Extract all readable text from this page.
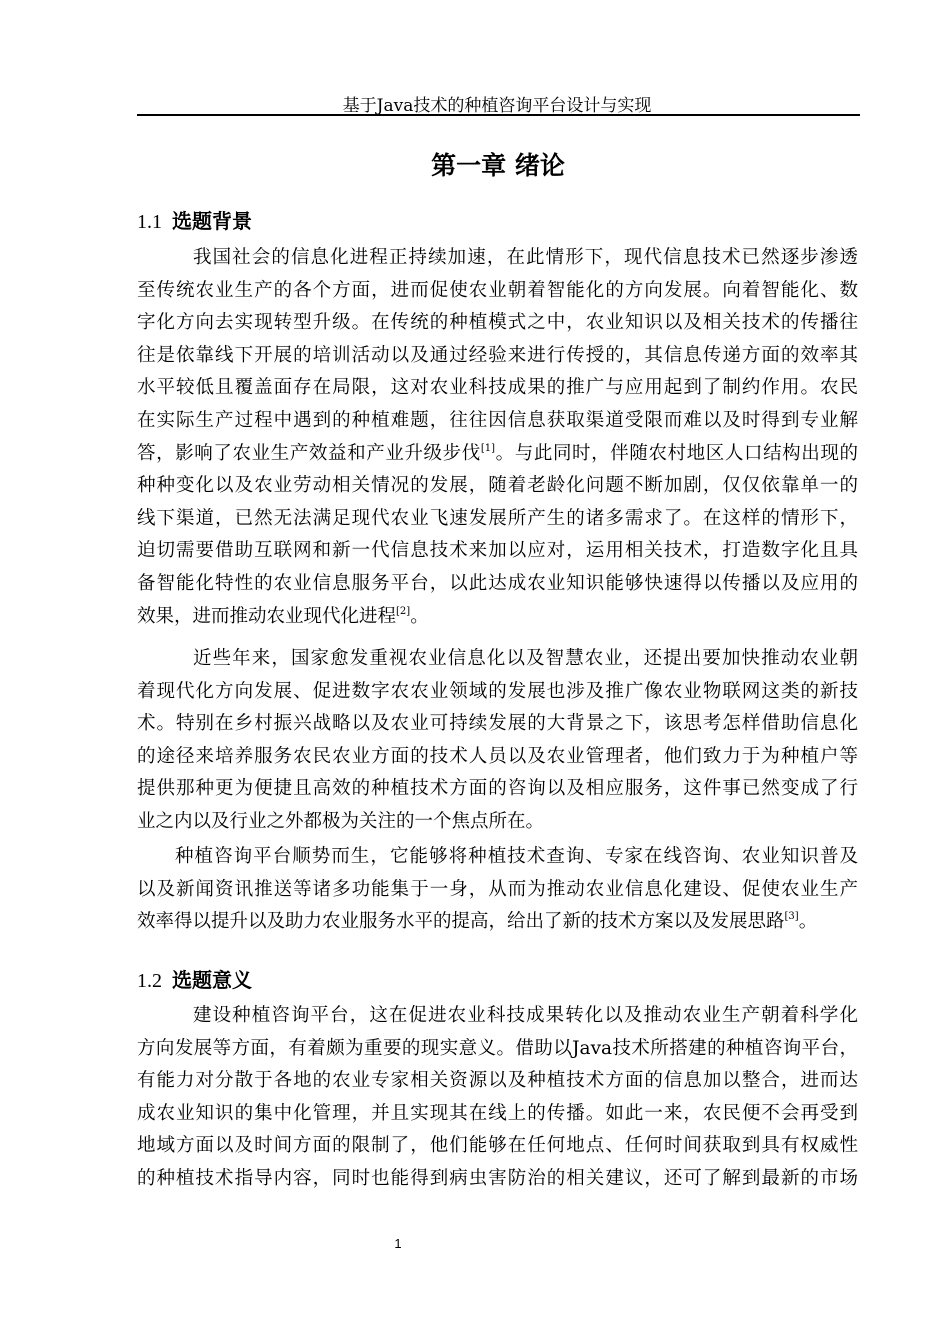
基于Java技术的种植咨询平台设计与实现
第一章 绪论
1.1 选题背景
我国社会的信息化进程正持续加速，在此情形下，现代信息技术已然逐步渗透
至传统农业生产的各个方面，进而促使农业朝着智能化的方向发展。向着智能化、数
字化方向去实现转型升级。在传统的种植模式之中，农业知识以及相关技术的传播往
往是依靠线下开展的培训活动以及通过经验来进行传授的，其信息传递方面的效率其
水平较低且覆盖面存在局限，这对农业科技成果的推广与应用起到了制约作用。农民
在实际生产过程中遇到的种植难题，往往因信息获取渠道受限而难以及时得到专业解
答，影响了农业生产效益和产业升级步伐[1]。与此同时，伴随农村地区人口结构出现的
种种变化以及农业劳动相关情况的发展，随着老龄化问题不断加剧，仅仅依靠单一的
线下渠道，已然无法满足现代农业飞速发展所产生的诸多需求了。在这样的情形下，
迫切需要借助互联网和新一代信息技术来加以应对，运用相关技术，打造数字化且具
备智能化特性的农业信息服务平台，以此达成农业知识能够快速得以传播以及应用的
效果，进而推动农业现代化进程[2]。
近些年来，国家愈发重视农业信息化以及智慧农业，还提出要加快推动农业朝
着现代化方向发展、促进数字农农业领域的发展也涉及推广像农业物联网这类的新技
术。特别在乡村振兴战略以及农业可持续发展的大背景之下，该思考怎样借助信息化
的途径来培养服务农民农业方面的技术人员以及农业管理者，他们致力于为种植户等
提供那种更为便捷且高效的种植技术方面的咨询以及相应服务，这件事已然变成了行
业之内以及行业之外都极为关注的一个焦点所在。
种植咨询平台顺势而生，它能够将种植技术查询、专家在线咨询、农业知识普及
以及新闻资讯推送等诸多功能集于一身，从而为推动农业信息化建设、促使农业生产
效率得以提升以及助力农业服务水平的提高，给出了新的技术方案以及发展思路[3]。
1.2 选题意义
建设种植咨询平台，这在促进农业科技成果转化以及推动农业生产朝着科学化
方向发展等方面，有着颇为重要的现实意义。借助以Java技术所搭建的种植咨询平台，
有能力对分散于各地的农业专家相关资源以及种植技术方面的信息加以整合，进而达
成农业知识的集中化管理，并且实现其在线上的传播。如此一来，农民便不会再受到
地域方面以及时间方面的限制了，他们能够在任何地点、任何时间获取到具有权威性
的种植技术指导内容，同时也能得到病虫害防治的相关建议，还可了解到最新的市场
1
